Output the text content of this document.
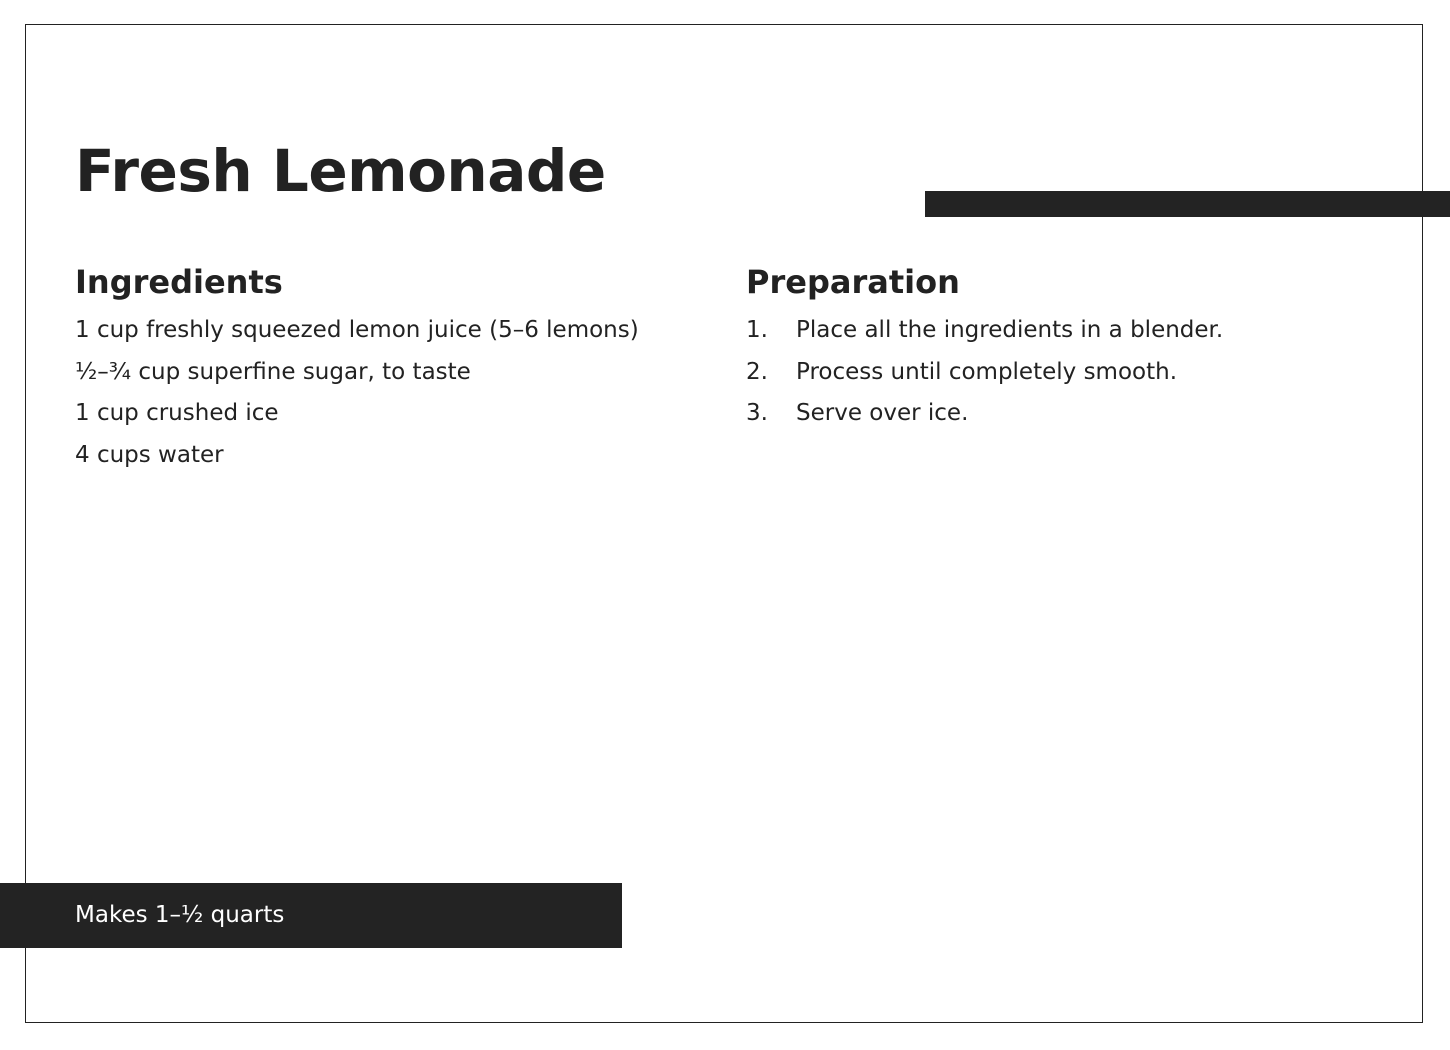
Fresh Lemonade
Ingredients
1 cup freshly squeezed lemon juice (5–6 lemons)
½–¾ cup superfine sugar, to taste
1 cup crushed ice
4 cups water
Preparation
1.	Place all the ingredients in a blender.
2.	Process until completely smooth.
3.	Serve over ice.
Makes 1–½ quarts
